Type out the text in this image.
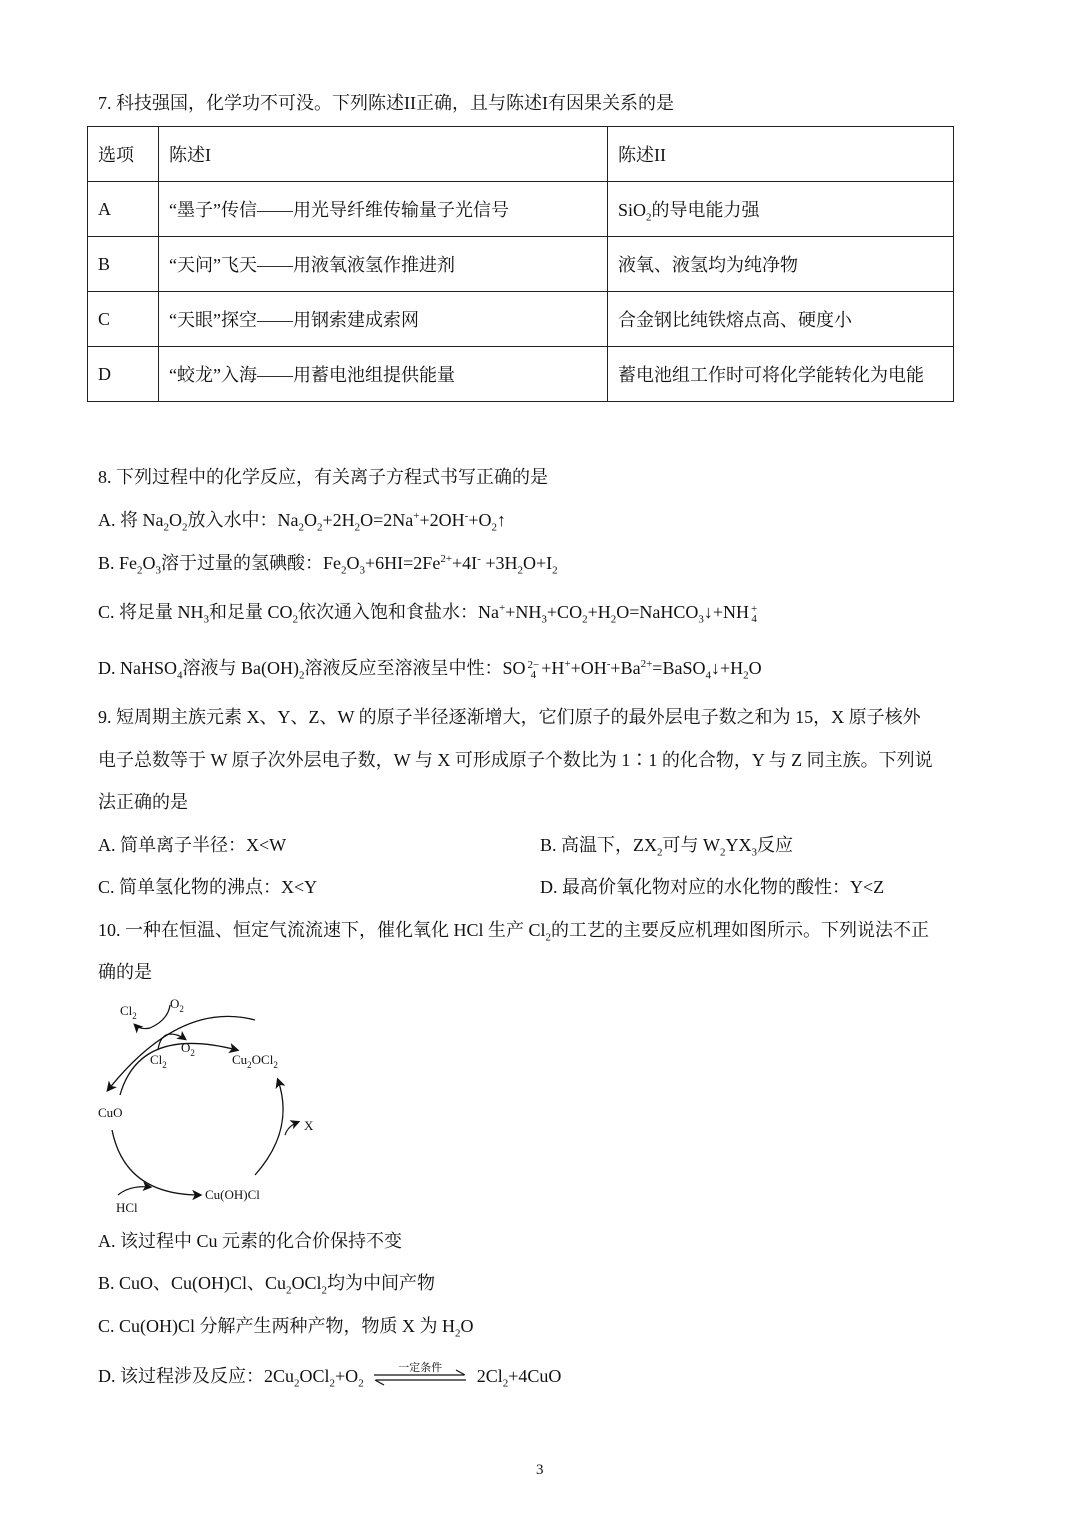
7. 科技强国，化学功不可没。下列陈述II正确，且与陈述I有因果关系的是
选项	陈述I	陈述II
A	“墨子”传信——用光导纤维传输量子光信号	SiO$_2$的导电能力强
B	“天问”飞天——用液氧液氢作推进剂	液氧、液氢均为纯净物
C	“天眼”探空——用钢索建成索网	合金钢比纯铁熔点高、硬度小
D	“蛟龙”入海——用蓄电池组提供能量	蓄电池组工作时可将化学能转化为电能
8. 下列过程中的化学反应，有关离子方程式书写正确的是
A. 将 $Na_2O_2$放入水中：$Na_2O_2+2H_2O=2Na^++2OH^-+O_2↑$
B. $Fe_2O_3$溶于过量的氢碘酸：$Fe_2O_3+6HI=2Fe^{2+}+4I^- +3H_2O+I_2$
C. 将足量 $NH_3$和足量 $CO_2$依次通入饱和食盐水：$Na^++NH_3+CO_2+H_2O=NaHCO_3↓+NH$ +
4
D. NaHSO$_4$溶液与 $Ba(OH)_2$溶液反应至溶液呈中性：SO 2−
$4 +H^++OH^-+Ba^{2+}=BaSO_4↓+H_2O$
9. 短周期主族元素 X、Y、Z、W 的原子半径逐渐增大，它们原子的最外层电子数之和为 15，X 原子核外
电子总数等于 W 原子次外层电子数，W 与 X 可形成原子个数比为 1∶1 的化合物，Y 与 Z 同主族。下列说
法正确的是
A. 简单离子半径：X<W	B. 高温下，$ZX_2$可与 $W_2YX_3$反应
C. 简单氢化物的沸点：X<Y	D. 最高价氧化物对应的水化物的酸性：Y<Z
10. 一种在恒温、恒定气流流速下，催化氧化 HCl 生产 $Cl_2$的工艺的主要反应机理如图所示。下列说法不正
确的是
$Cl_2$
$O_2$
$Cl_2$
$O_2$	$Cu_2OCl_2$
CuO
X
Cu(OH)Cl
HCl
A. 该过程中 Cu 元素的化合价保持不变
B. CuO、Cu(OH)Cl、$Cu_2OCl_2$均为中间产物
C. Cu(OH)Cl 分解产生两种产物，物质 X 为 $H_2O$
D. 该过程涉及反应：$2Cu_2OCl_2+O_2$
一定条件	$2Cl_2+4CuO$
3
